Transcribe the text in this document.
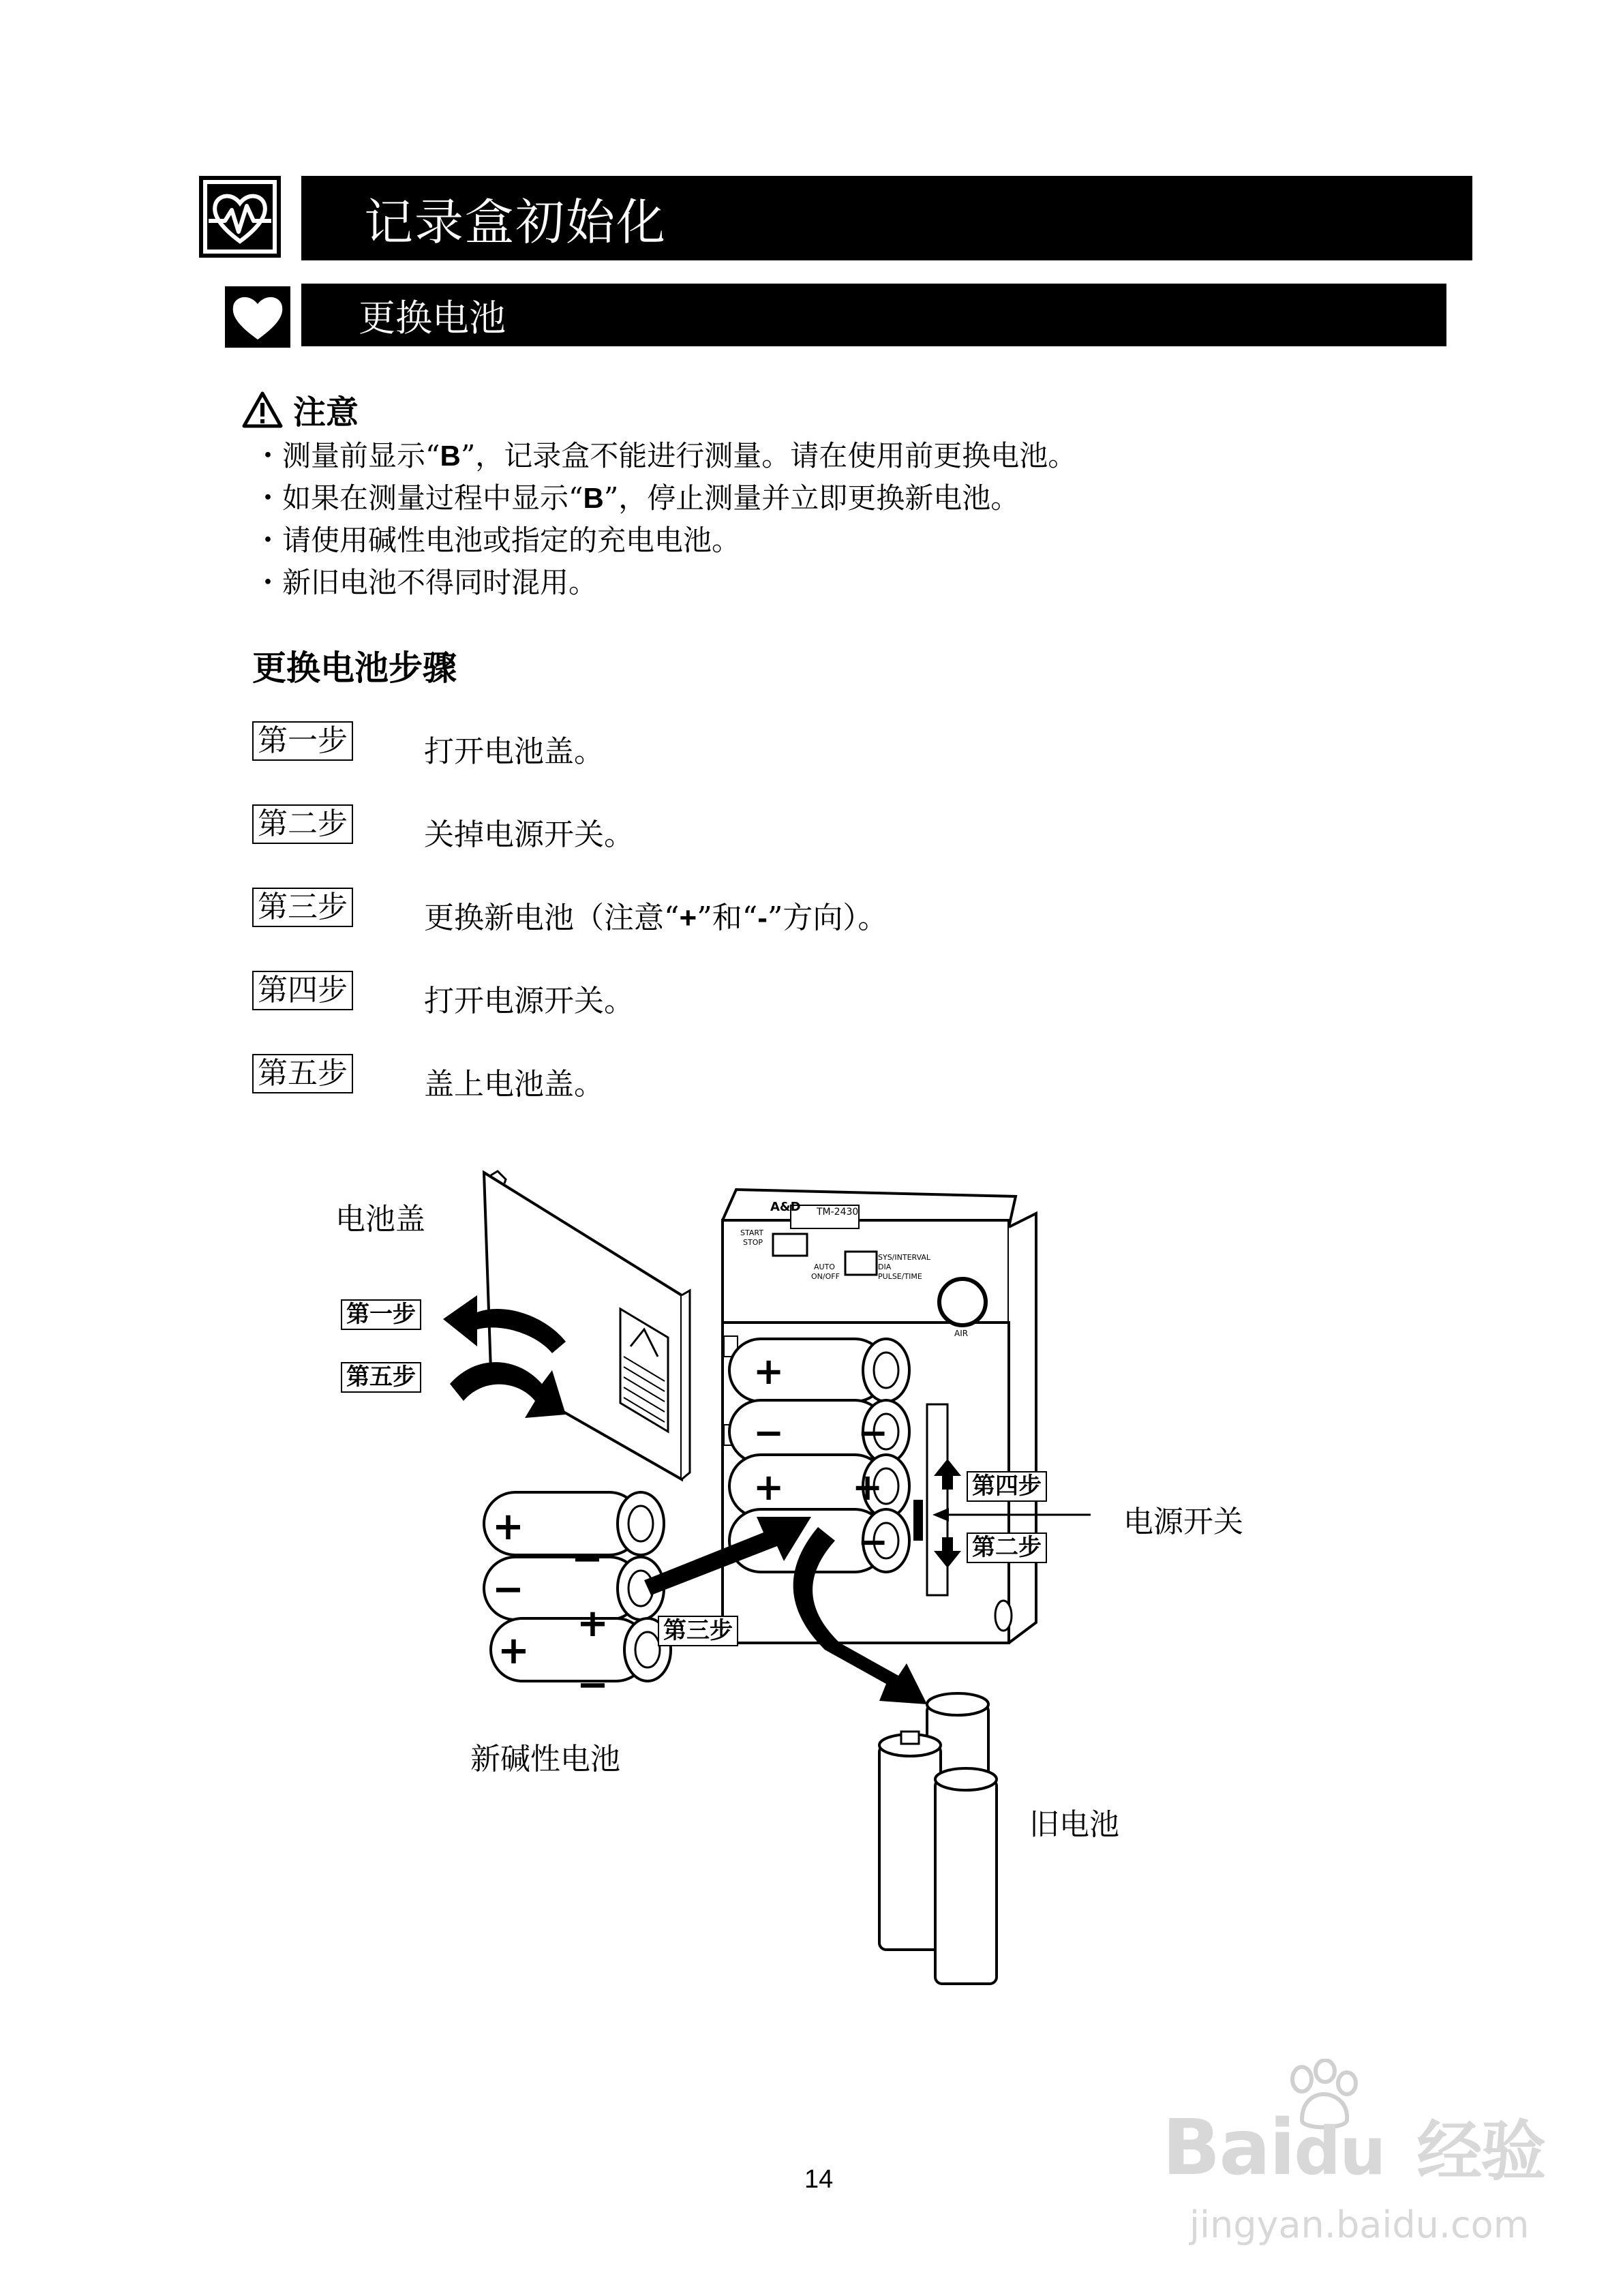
记录盒初始化
更换电池
注意
・测量前显示“B”，记录盒不能进行测量。请在使用前更换电池。
・如果在测量过程中显示“B”，停止测量并立即更换新电池。
・请使用碱性电池或指定的充电电池。
・新旧电池不得同时混用。
更换电池步骤
第一步	打开电池盖。
第二步	关掉电源开关。
第三步	更换新电池（注意“+”和“-”方向）。
第四步	打开电源开关。
第五步	盖上电池盖。
A&D TM-2430
START
STOP
AUTO
ON/OFF
SYS/INTERVAL
DIA
PULSE/TIME
AIR
+
−
+
−
+
−
+
−
−
+
+
−
电池盖
电源开关
新碱性电池
旧电池
第一步
第五步
第四步
第二步
第三步
14	Baidu 经验
jingyan.baidu.com
